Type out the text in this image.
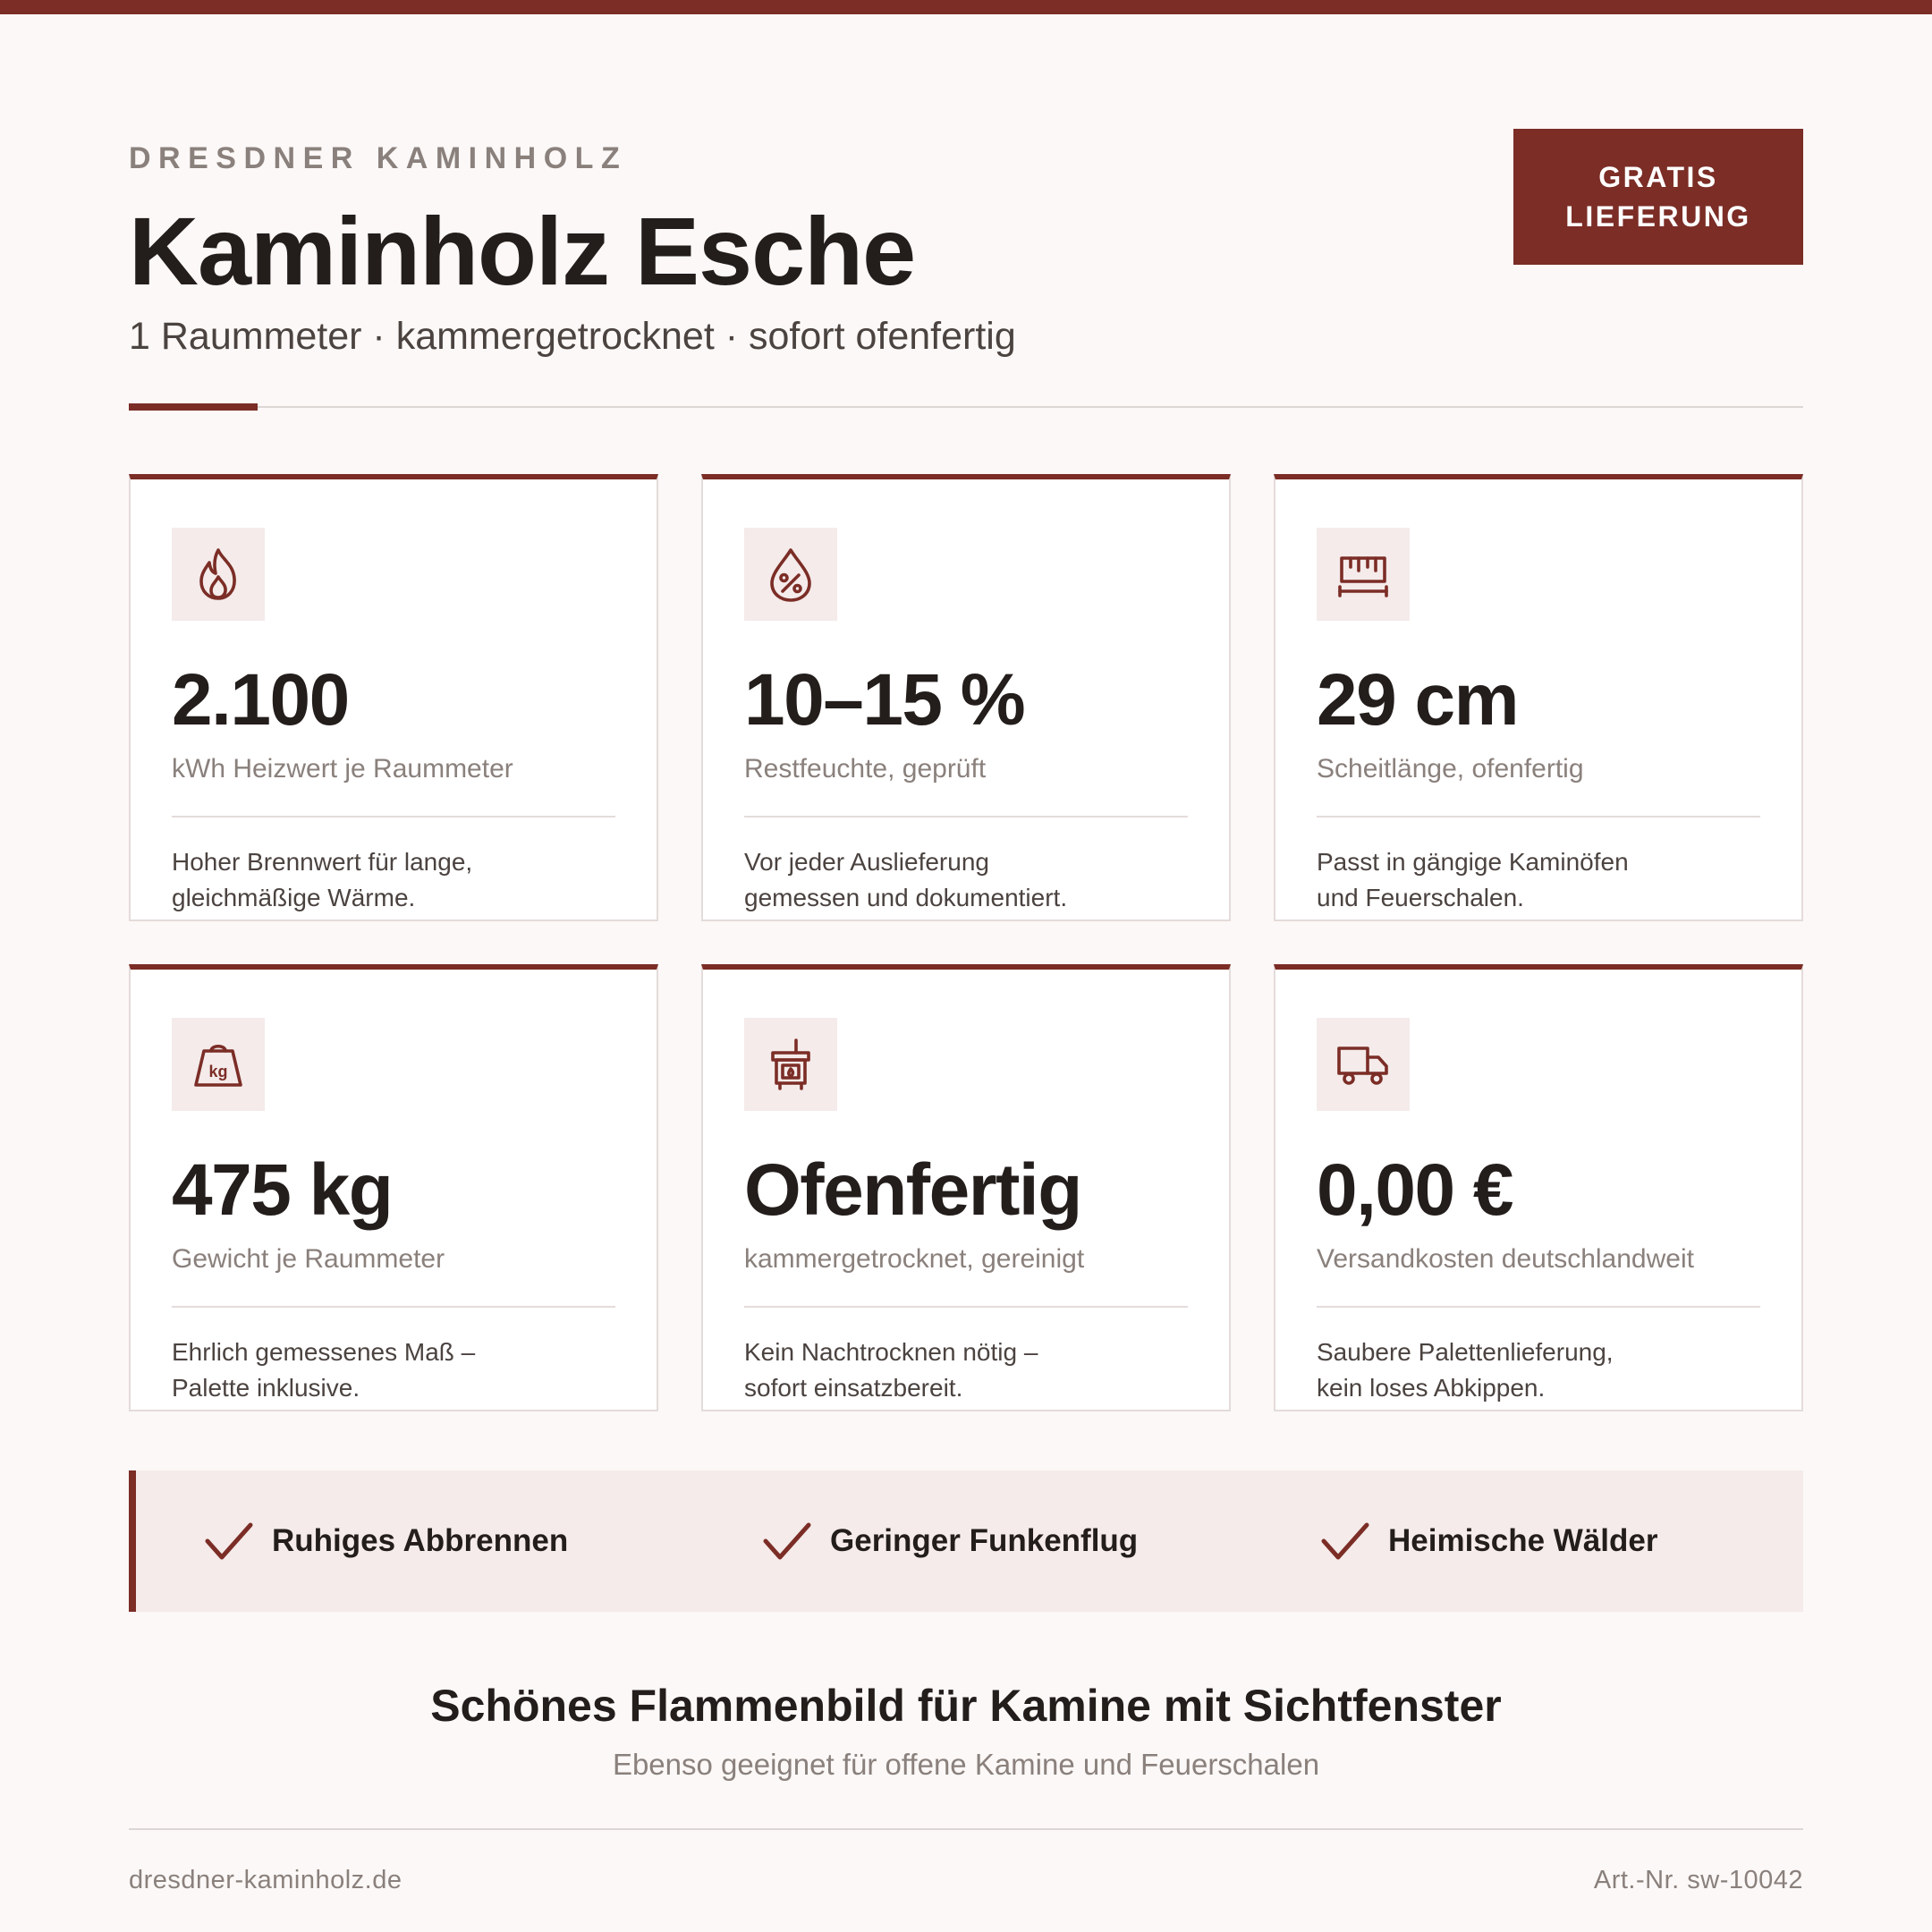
DRESDNER KAMINHOLZ
Kaminholz Esche
1 Raummeter · kammergetrocknet · sofort ofenfertig
GRATIS
LIEFERUNG
2.100
kWh Heizwert je Raummeter
Hoher Brennwert für lange,
gleichmäßige Wärme.
10–15 %
Restfeuchte, geprüft
Vor jeder Auslieferung
gemessen und dokumentiert.
29 cm
Scheitlänge, ofenfertig
Passt in gängige Kaminöfen
und Feuerschalen.
kg
475 kg
Gewicht je Raummeter
Ehrlich gemessenes Maß –
Palette inklusive.
Ofenfertig
kammergetrocknet, gereinigt
Kein Nachtrocknen nötig –
sofort einsatzbereit.
0,00 €
Versandkosten deutschlandweit
Saubere Palettenlieferung,
kein loses Abkippen.
Ruhiges Abbrennen	Geringer Funkenflug	Heimische Wälder
Schönes Flammenbild für Kamine mit Sichtfenster
Ebenso geeignet für offene Kamine und Feuerschalen
dresdner-kaminholz.de	Art.-Nr. sw-10042
